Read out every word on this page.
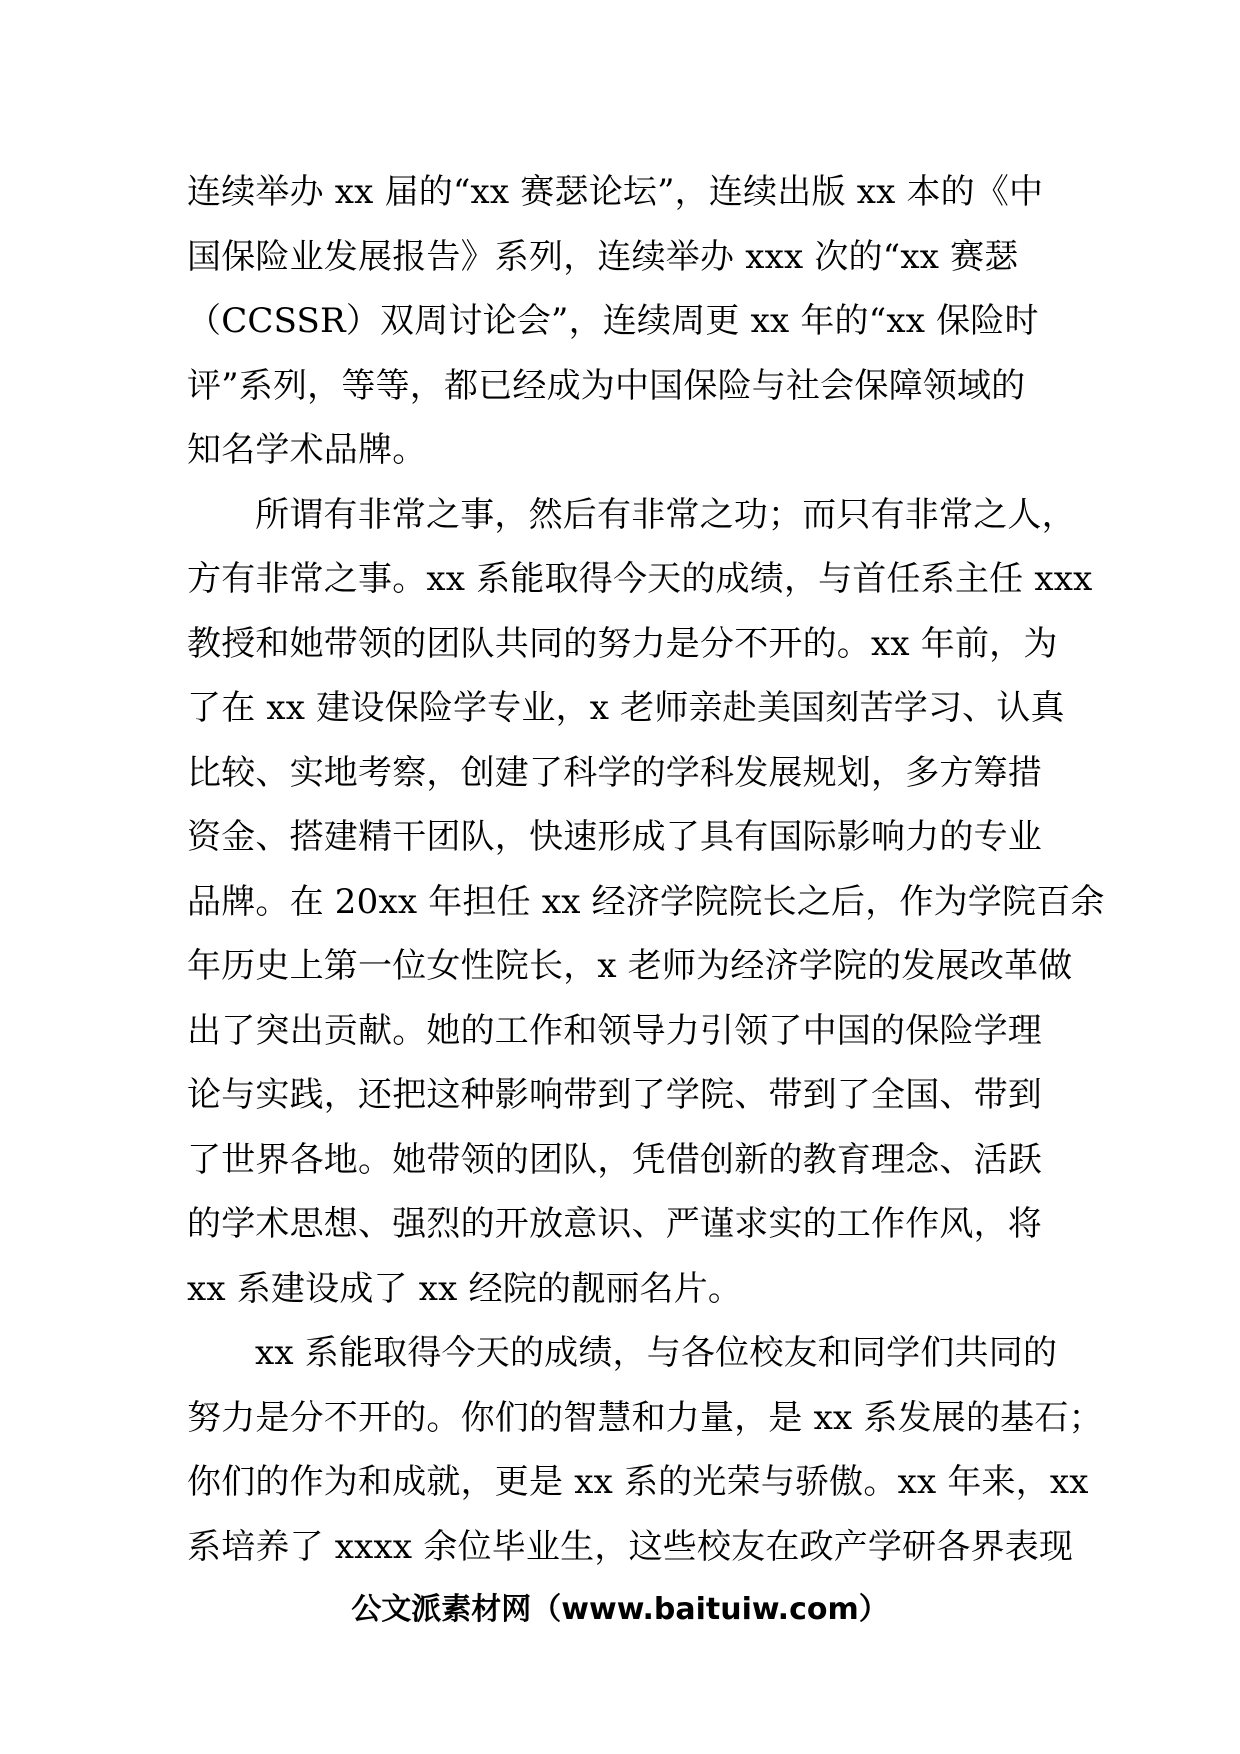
连续举办 xx 届的“xx 赛瑟论坛”，连续出版 xx 本的《中
国保险业发展报告》系列，连续举办 xxx 次的“xx 赛瑟
（CCSSR）双周讨论会”，连续周更 xx 年的“xx 保险时
评”系列，等等，都已经成为中国保险与社会保障领域的
知名学术品牌。
所谓有非常之事，然后有非常之功；而只有非常之人，
方有非常之事。xx 系能取得今天的成绩，与首任系主任 xxx
教授和她带领的团队共同的努力是分不开的。xx 年前，为
了在 xx 建设保险学专业，x 老师亲赴美国刻苦学习、认真
比较、实地考察，创建了科学的学科发展规划，多方筹措
资金、搭建精干团队，快速形成了具有国际影响力的专业
品牌。在 20xx 年担任 xx 经济学院院长之后，作为学院百余
年历史上第一位女性院长，x 老师为经济学院的发展改革做
出了突出贡献。她的工作和领导力引领了中国的保险学理
论与实践，还把这种影响带到了学院、带到了全国、带到
了世界各地。她带领的团队，凭借创新的教育理念、活跃
的学术思想、强烈的开放意识、严谨求实的工作作风，将
xx 系建设成了 xx 经院的靓丽名片。
xx 系能取得今天的成绩，与各位校友和同学们共同的
努力是分不开的。你们的智慧和力量，是 xx 系发展的基石；
你们的作为和成就，更是 xx 系的光荣与骄傲。xx 年来，xx
系培养了 xxxx 余位毕业生，这些校友在政产学研各界表现
公文派素材网（www.baituiw.com）
